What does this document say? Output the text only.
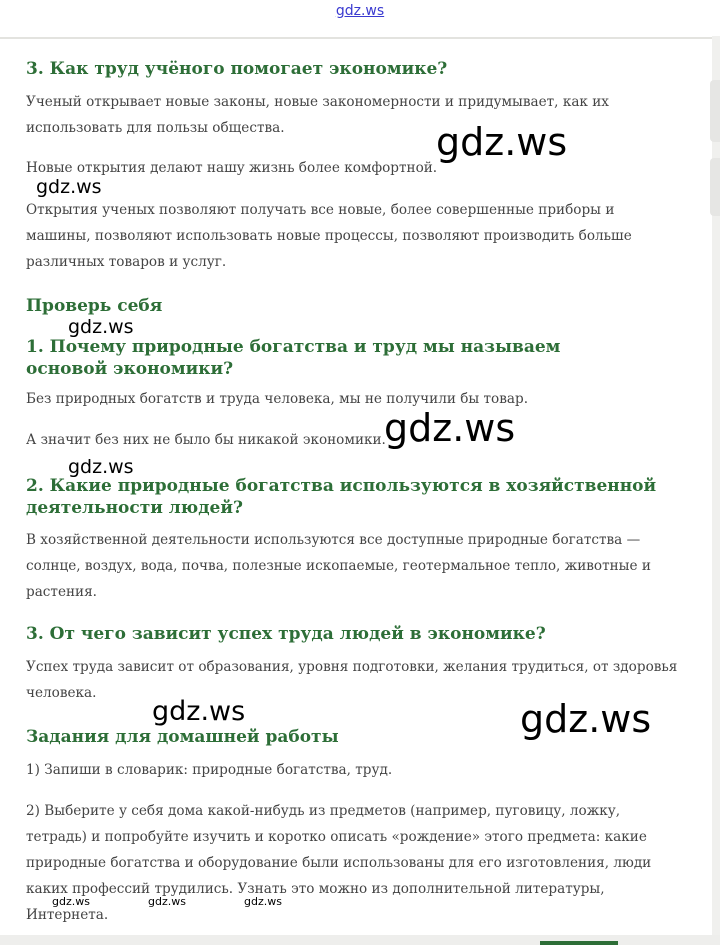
gdz.ws
3. Как труд учёного помогает экономике?

Ученый открывает новые законы, новые закономерности и придумывает, как их использовать для пользы общества.

Новые открытия делают нашу жизнь более комфортной.

Открытия ученых позволяют получать все новые, более совершенные приборы и машины, позволяют использовать новые процессы, позволяют производить больше различных товаров и услуг.

Проверь себя
1. Почему природные богатства и труд мы называем основой экономики?

Без природных богатств и труда человека, мы не получили бы товар.

А значит без них не было бы никакой экономики.

2. Какие природные богатства используются в хозяйственной деятельности людей?

В хозяйственной деятельности используются все доступные природные богатства — солнце, воздух, вода, почва, полезные ископаемые, геотермальное тепло, животные и растения.

3. От чего зависит успех труда людей в экономике?

Успех труда зависит от образования, уровня подготовки, желания трудиться, от здоровья человека.

Задания для домашней работы

1) Запиши в словарик: природные богатства, труд.

2) Выберите у себя дома какой-нибудь из предметов (например, пуговицу, ложку, тетрадь) и попробуйте изучить и коротко описать «рождение» этого предмета: какие природные богатства и оборудование были использованы для его изготовления, люди каких профессий трудились. Узнать это можно из дополнительной литературы, Интернета.

gdz.ws
gdz.ws
gdz.ws
gdz.ws
gdz.ws
gdz.ws	gdz.ws
gdz.ws	gdz.ws	gdz.ws
